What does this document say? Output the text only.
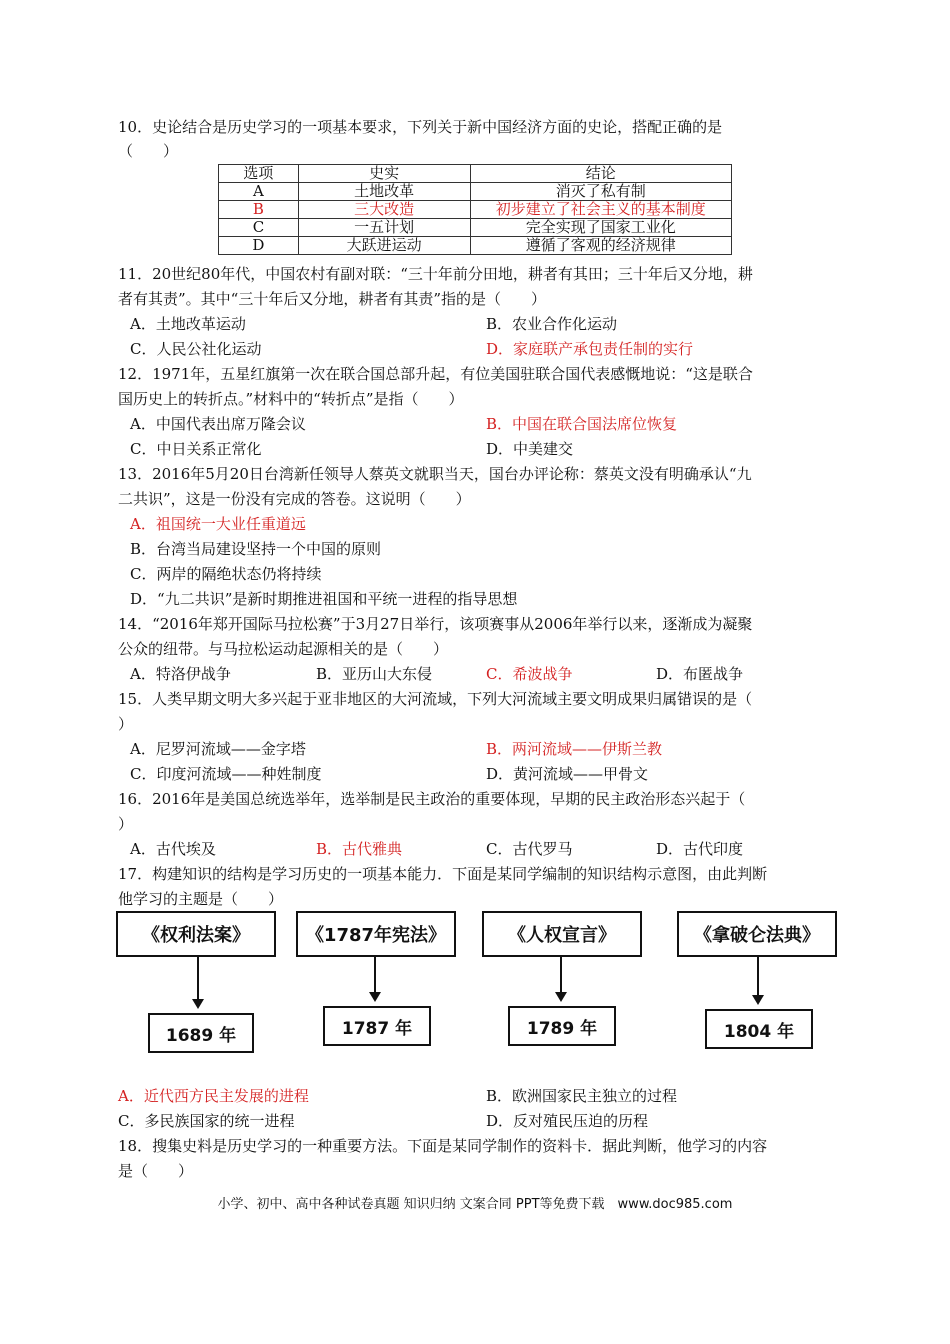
10．史论结合是历史学习的一项基本要求，下列关于新中国经济方面的史论，搭配正确的是
（　　）
选项	史实	结论
A	土地改革	消灭了私有制
B	三大改造	初步建立了社会主义的基本制度
C	一五计划	完全实现了国家工业化
D	大跃进运动	遵循了客观的经济规律
11．20世纪80年代，中国农村有副对联：“三十年前分田地，耕者有其田；三十年后又分地，耕
者有其责”。其中“三十年后又分地，耕者有其责”指的是（　　）
A．土地改革运动	B．农业合作化运动
C．人民公社化运动	D．家庭联产承包责任制的实行
12．1971年，五星红旗第一次在联合国总部升起，有位美国驻联合国代表感慨地说：“这是联合
国历史上的转折点。”材料中的“转折点”是指（　　）
A．中国代表出席万隆会议	B．中国在联合国法席位恢复
C．中日关系正常化	D．中美建交
13．2016年5月20日台湾新任领导人蔡英文就职当天，国台办评论称：蔡英文没有明确承认“九
二共识”，这是一份没有完成的答卷。这说明（　　）
A．祖国统一大业任重道远
B．台湾当局建设坚持一个中国的原则
C．两岸的隔绝状态仍将持续
D．“九二共识”是新时期推进祖国和平统一进程的指导思想
14．“2016年郑开国际马拉松赛”于3月27日举行，该项赛事从2006年举行以来，逐渐成为凝聚
公众的纽带。与马拉松运动起源相关的是（　　）
A．特洛伊战争	B．亚历山大东侵	C．希波战争	D．布匿战争
15．人类早期文明大多兴起于亚非地区的大河流域，下列大河流域主要文明成果归属错误的是（
）
A．尼罗河流域——金字塔	B．两河流域——伊斯兰教
C．印度河流域——种姓制度	D．黄河流域——甲骨文
16．2016年是美国总统选举年，选举制是民主政治的重要体现，早期的民主政治形态兴起于（
）
A．古代埃及	B．古代雅典	C．古代罗马	D．古代印度
17．构建知识的结构是学习历史的一项基本能力．下面是某同学编制的知识结构示意图，由此判断
他学习的主题是（　　）
《权利法案》	《1787年宪法》	《人权宣言》	《拿破仑法典》
1689 年	1787 年	1789 年	1804 年
A．近代西方民主发展的进程	B．欧洲国家民主独立的过程
C．多民族国家的统一进程	D．反对殖民压迫的历程
18．搜集史料是历史学习的一种重要方法。下面是某同学制作的资料卡．据此判断，他学习的内容
是（　　）
小学、初中、高中各种试卷真题 知识归纳 文案合同 PPT等免费下载　www.doc985.com
